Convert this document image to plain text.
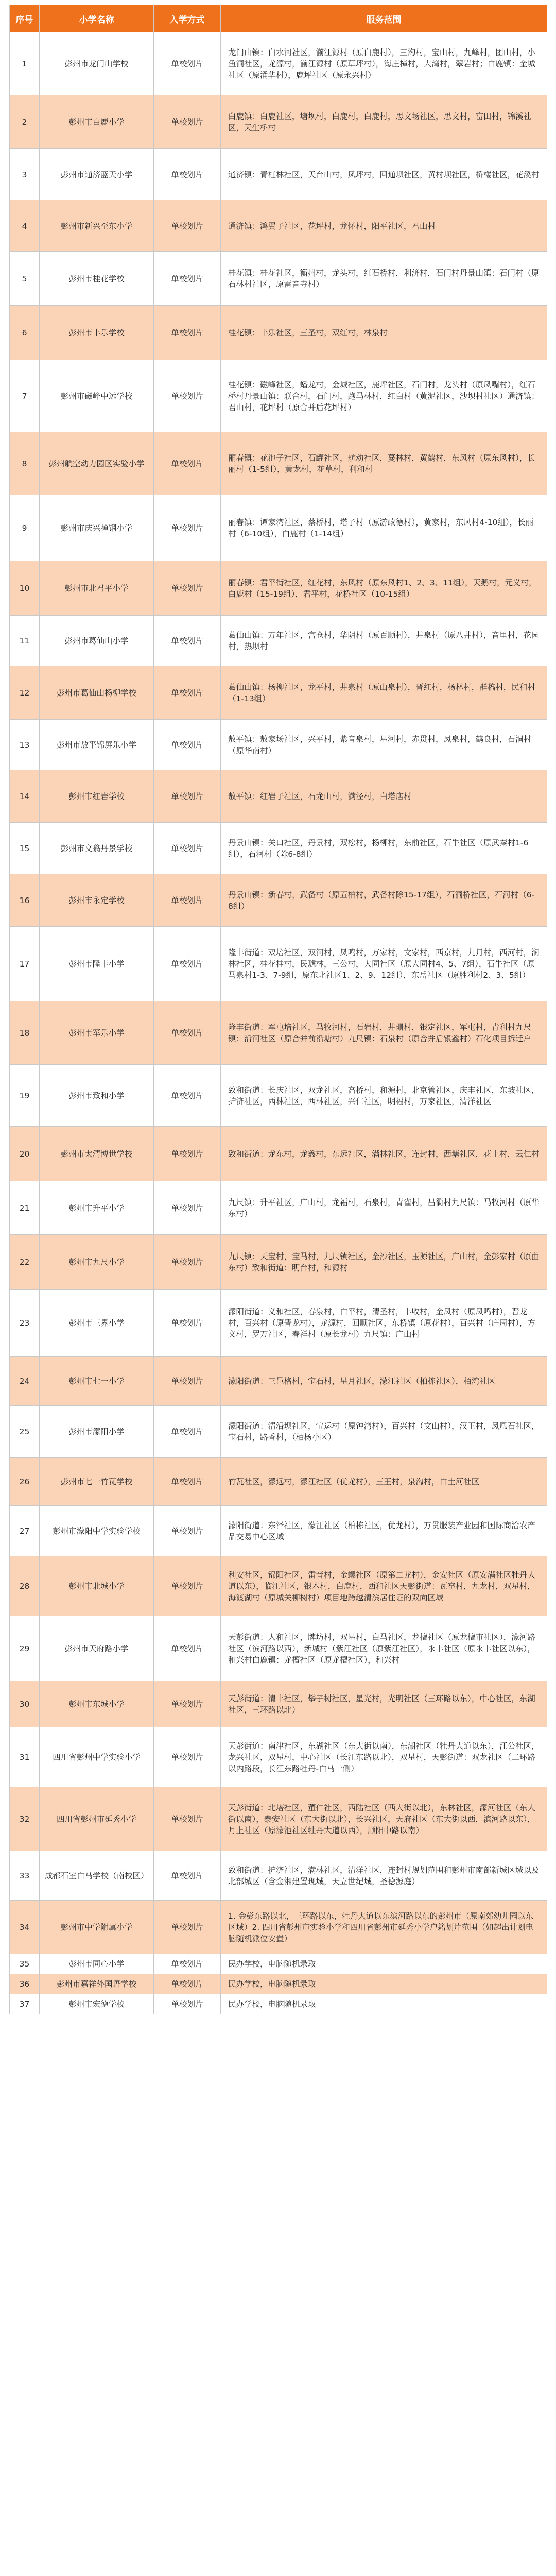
序号	小学名称	入学方式	服务范围
1	彭州市龙门山学校	单校划片	龙门山镇：白水河社区，湔江源村（原白鹿村），三沟村，宝山村，九峰村，团山村，小鱼洞社区，龙源村，湔江源村（原草坪村），海庄樟村，大湾村，翠岩村；白鹿镇：金城社区（原涌华村），鹿坪社区（原永兴村）
2	彭州市白鹿小学	单校划片	白鹿镇：白鹿社区，塘坝村，白鹿村，白鹿村，思文场社区，思文村，富田村，锦溪社区，天生桥村
3	彭州市通济蓝天小学	单校划片	通济镇：青杠林社区，天台山村，凤坪村，回通坝社区，黄村坝社区，桥楼社区，花溪村
4	彭州市新兴至东小学	单校划片	通济镇：鸿翼子社区，花坪村，龙怀村，阳平社区，君山村
5	彭州市桂花学校	单校划片	桂花镇：桂花社区，衡州村，龙头村，红石桥村，利济村，石门村丹景山镇：石门村（原石林村社区，原雷音寺村）
6	彭州市丰乐学校	单校划片	桂花镇：丰乐社区，三圣村，双红村，林泉村
7	彭州市磁峰中远学校	单校划片	桂花镇：磁峰社区，蟠龙村，金城社区，鹿坪社区，石门村，龙头村（原凤嘴村），红石桥村丹景山镇：联合村，石门村，跑马林村，红白村（黄泥社区，沙坝村社区）通济镇：君山村，花坪村（原合并后花坪村）
8	彭州航空动力园区实验小学	单校划片	丽春镇：花池子社区，石罐社区，航动社区，蔓林村，黄鹤村，东风村（原东风村），长丽村（1-5组），黄龙村，花草村，利和村
9	彭州市庆兴禅钢小学	单校划片	丽春镇：谭家湾社区，蔡桥村，塔子村（原游政德村），黄家村，东风村4-10组），长丽村（6-10组），白鹿村（1-14组）
10	彭州市北君平小学	单校划片	丽春镇：君平街社区，红花村，东风村（原东风村1、2、3、11组），天鹅村，元义村，白鹿村（15-19组），君平村，花桥社区（10-15组）
11	彭州市葛仙山小学	单校划片	葛仙山镇：万年社区，宫仓村，华阴村（原百顺村），井泉村（原八井村），音里村，花园村，热坝村
12	彭州市葛仙山杨柳学校	单校划片	葛仙山镇：杨柳社区，龙平村，井泉村（原山泉村），晋红村，杨林村，群稿村，民和村（1-13组）
13	彭州市敖平锦屏乐小学	单校划片	敖平镇：敖家场社区，兴平村，紫音泉村，星河村，赤贯村，凤泉村，鹤良村，石洞村（原华南村）
14	彭州市红岩学校	单校划片	敖平镇：红岩子社区，石龙山村，满泾村，白塔店村
15	彭州市文翁丹景学校	单校划片	丹景山镇：关口社区，丹景村，双松村，杨柳村，东前社区，石牛社区（原武秦村1-6组），石河村（除6-8组）
16	彭州市永定学校	单校划片	丹景山镇：新春村，武备村（原五柏村，武备村除15-17组），石洞桥社区，石河村（6-8组）
17	彭州市隆丰小学	单校划片	隆丰街道：双培社区，双河村，凤鸣村，万家村，文家村，西京村，九月村，西河村，涧林社区，桂花桂村，民琥林，三公村，大同社区（原大同村4、5、7组），石牛社区（原马泉村1-3、7-9组，原东北社区1、2、9、12组），东岳社区（原胜利村2、3、5组）
18	彭州市军乐小学	单校划片	隆丰街道：军屯培社区，马牧河村，石岩村，井珊村，银定社区，军屯村，青利村九尺镇：沿河社区（原合并前沿塘村）九尺镇：石泉村（原合并后银鑫村）石化项目拆迁户
19	彭州市致和小学	单校划片	致和街道：长庆社区，双龙社区，高桥村，和源村，北京管社区，庆丰社区，东坡社区，护济社区，西林社区，西林社区，兴仁社区，明福村，万家社区，清洋社区
20	彭州市太清博世学校	单校划片	致和街道：龙东村，龙鑫村，东远社区，满林社区，连封村，西塘社区，花土村，云仁村
21	彭州市升平小学	单校划片	九尺镇：升平社区，广山村，龙福村，石泉村，青雀村，昌衢村九尺镇：马牧河村（原华东村）
22	彭州市九尺小学	单校划片	九尺镇：天宝村，宝马村，九尺镇社区，金沙社区，玉源社区，广山村，金彭家村（原曲东村）致和街道：明台村，和源村
23	彭州市三界小学	单校划片	濛阳街道：义和社区，春泉村，白平村，清圣村，丰收村，金凤村（原凤鸣村），晋龙村，百兴村（原晋龙村），龙源村，回顺社区，东桥镇（原花村），百兴村（庙周村），方义村，罗万社区，春祥村（原长龙村）九尺镇：广山村
24	彭州市七一小学	单校划片	濛阳街道：三邑格村，宝石村，星月社区，濛江社区（柏栋社区），栢湾社区
25	彭州市濛阳小学	单校划片	濛阳街道：清沿坝社区，宝运村（原钟湾村），百兴村（文山村），汉王村，凤凰石社区，宝石村，路香村，（栢杨小区）
26	彭州市七一竹瓦学校	单校划片	竹瓦社区，濛远村，濛江社区（优龙村），三王村，泉沟村，白土河社区
27	彭州市濛阳中学实验学校	单校划片	濛阳街道：东泽社区，濛江社区（柏栋社区，优龙村），万贯服装产业园和国际商洽农产品交易中心区域
28	彭州市北城小学	单校划片	利安社区，锦阳社区，雷音村，金螺社区（原第二龙村），金安社区（原安满社区牡丹大道以东），临江社区，银木村，白鹿村，西和社区天彭街道：瓦窑村，九龙村，双星村，海渡湖村（原城关柳树村）项目地跨越清滨居住证的双向区域
29	彭州市天府路小学	单校划片	天彭街道：人和社区，牌坊村，双星村，白马社区，龙檀社区（原龙檀市社区），濛河路社区（滨河路以西），新城村（紫江社区（原紫江社区），永丰社区（原永丰社区以东），和兴村白鹿镇：龙檀社区（原龙檀社区），和兴村
30	彭州市东城小学	单校划片	天彭街道：清丰社区，攀子树社区，星光村，光明社区（三环路以东），中心社区，东湖社区，三环路以北）
31	四川省彭州中学实验小学	单校划片	天彭街道：南津社区，东湖社区（东大街以南），东湖社区（牡丹大道以东），江公社区，龙兴社区，双星村，中心社区（长江东路以北），双星村，天彭街道：双龙社区（二环路以内路段，长江东路牡丹-白马一侧）
32	四川省彭州市延秀小学	单校划片	天彭街道：北塔社区，董仁社区，西陆社区（西大街以北），东林社区，濛河社区（东大街以南），泰安社区（东大街以北），长兴社区，天府社区（东大街以西，滨河路以东），月上社区（原濛池社区牡丹大道以西），顺阳中路以南）
33	成都石室白马学校（南校区）	单校划片	致和街道：护济社区，满林社区，清洋社区，连封村规划范围和彭州市南部新城区域以及北部城区（含金湘建置现城，天立世纪城，圣德源庭）
34	彭州市中学附属小学	单校划片	1. 金彭东路以北，三环路以东，牡丹大道以东滨河路以东的彭州市（原南郊幼儿园以东区域）2. 四川省彭州市实验小学和四川省彭州市延秀小学户籍划片范围（如超出计划电脑随机派位安置）
35	彭州市同心小学	单校划片	民办学校，电脑随机录取
36	彭州市嘉祥外国语学校	单校划片	民办学校，电脑随机录取
37	彭州市宏德学校	单校划片	民办学校，电脑随机录取
